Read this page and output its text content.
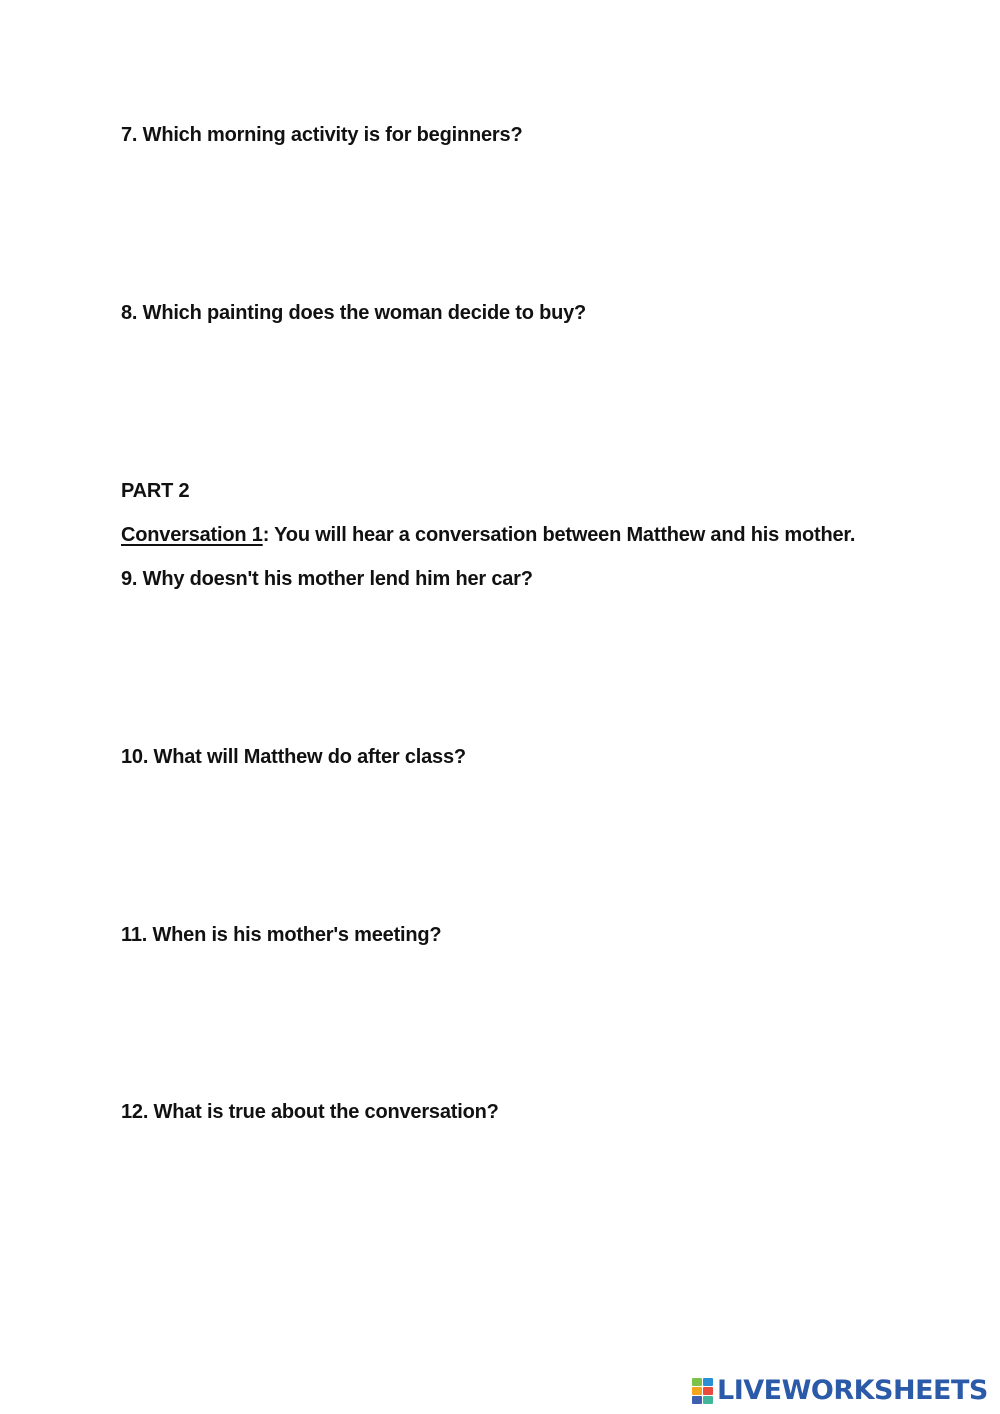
7. Which morning activity is for beginners?
8. Which painting does the woman decide to buy?
PART 2
Conversation 1: You will hear a conversation between Matthew and his mother.
9. Why doesn't his mother lend him her car?
10. What will Matthew do after class?
11. When is his mother's meeting?
12. What is true about the conversation?
LIVEWORKSHEETS
